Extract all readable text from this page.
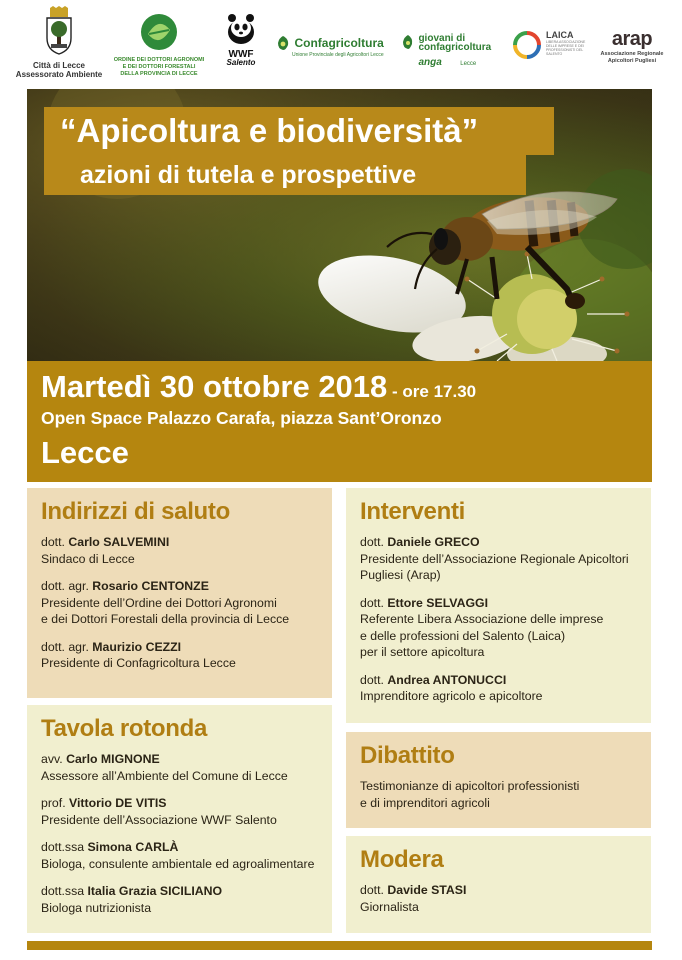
Città di Lecce
Assessorato Ambiente
ORDINE DEI DOTTORI AGRONOMI
E DEI DOTTORI FORESTALI
DELLA PROVINCIA DI LECCE
WWF
Salento
Confagricoltura
Unione Provinciale degli Agricoltori Lecce

giovani di
confagricoltura
anga	Lecce
LAICA
LIBERA ASSOCIAZIONE DELLE IMPRESE E DEI PROFESSIONISTI DEL SALENTO
arap
Associazione Regionale
Apicoltori Pugliesi
“Apicoltura e biodiversità”
azioni di tutela e prospettive
Martedì 30 ottobre 2018 - ore 17.30
Open Space Palazzo Carafa, piazza Sant’Oronzo
Lecce
Indirizzi di saluto
dott. Carlo SALVEMINI
Sindaco di Lecce
dott. agr. Rosario CENTONZE
Presidente dell’Ordine dei Dottori Agronomi
e dei Dottori Forestali della provincia di Lecce
dott. agr. Maurizio CEZZI
Presidente di Confagricoltura Lecce
Tavola rotonda
avv. Carlo MIGNONE
Assessore all’Ambiente del Comune di Lecce
prof. Vittorio DE VITIS
Presidente dell’Associazione WWF Salento
dott.ssa Simona CARLÀ
Biologa, consulente ambientale ed agroalimentare
dott.ssa Italia Grazia SICILIANO
Biologa nutrizionista
Interventi
dott. Daniele GRECO
Presidente dell’Associazione Regionale Apicoltori
Pugliesi (Arap)
dott. Ettore SELVAGGI
Referente Libera Associazione delle imprese
e delle professioni del Salento (Laica)
per il settore apicoltura
dott. Andrea ANTONUCCI
Imprenditore agricolo e apicoltore
Dibattito
Testimonianze di apicoltori professionisti
e di imprenditori agricoli
Modera
dott. Davide STASI
Giornalista
